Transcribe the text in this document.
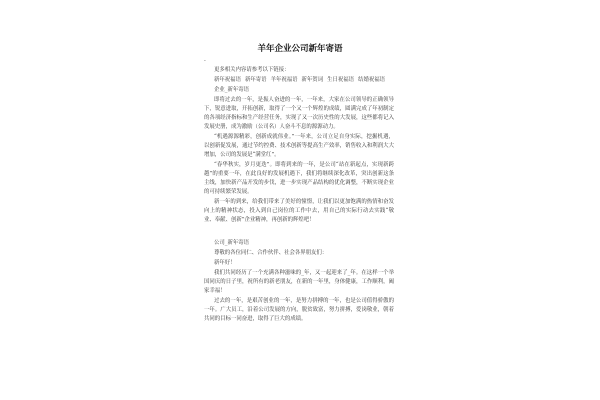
羊年企业公司新年寄语
·

更多相关内容请参考以下链接：

新年祝福语 新年寄语 羊年祝福语 新年贺词 生日祝福语 结婚祝福语

企业_新年寄语

即将过去的一年，是振人奋进的一年，一年来，大家在公司领导的正确领导下，锐意进取，开拓创新，取得了一个又一个辉煌的成绩，圆满完成了年初制定的各项经济指标和生产经营任务，实现了又一次历史性的大发展，这些都将记入发展史册，成为激励（公司名）人奋斗不息的源源动力。

“机遇源源精彩，创新成就伟业。”一年来，公司立足自身实际，挖掘机遇，以创新促发展，通过节约控费、技术创新等提高生产效率，销售收入和利润大大增加，公司的发展是“满堂红”。

“春华秋实，岁月更迭”。即将到来的一年，是公司“站在新起点，实现新跨越”的重要一年，在此良好的发展机遇下，我们将继续深化改革，突出创新这条主线，加快新产品开发的步伐，进一步实现产品结构的优化调整，不断实现企业的可持续繁荣发展。

新一年的到来，给我们带来了美好的憧憬，让我们以更加饱满的热情和奋发向上的精神状态，投入到自己岗位的工作中去，用自己的实际行动去实践“敬业、奉献、创新”企业精神，再创新的辉煌吧！

公司_新年寄语

尊敬的各位同仁、合作伙伴、社会各界朋友们：

新年好！

我们共同经历了一个充满各种滋味的_年，又一起迎来了_年。在这样一个举国同庆的日子里，祝所有的新老朋友，在新的一年里，身体健康，工作顺利，阖家幸福！

过去的一年，是艰苦创业的一年，是努力拼搏的一年，也是公司值得骄傲的一年。广大员工，沿着公司发展的方向，脱贫致富，努力拼搏，爱岗敬业，朝着共同的目标一同奋进，取得了巨大的成绩。
